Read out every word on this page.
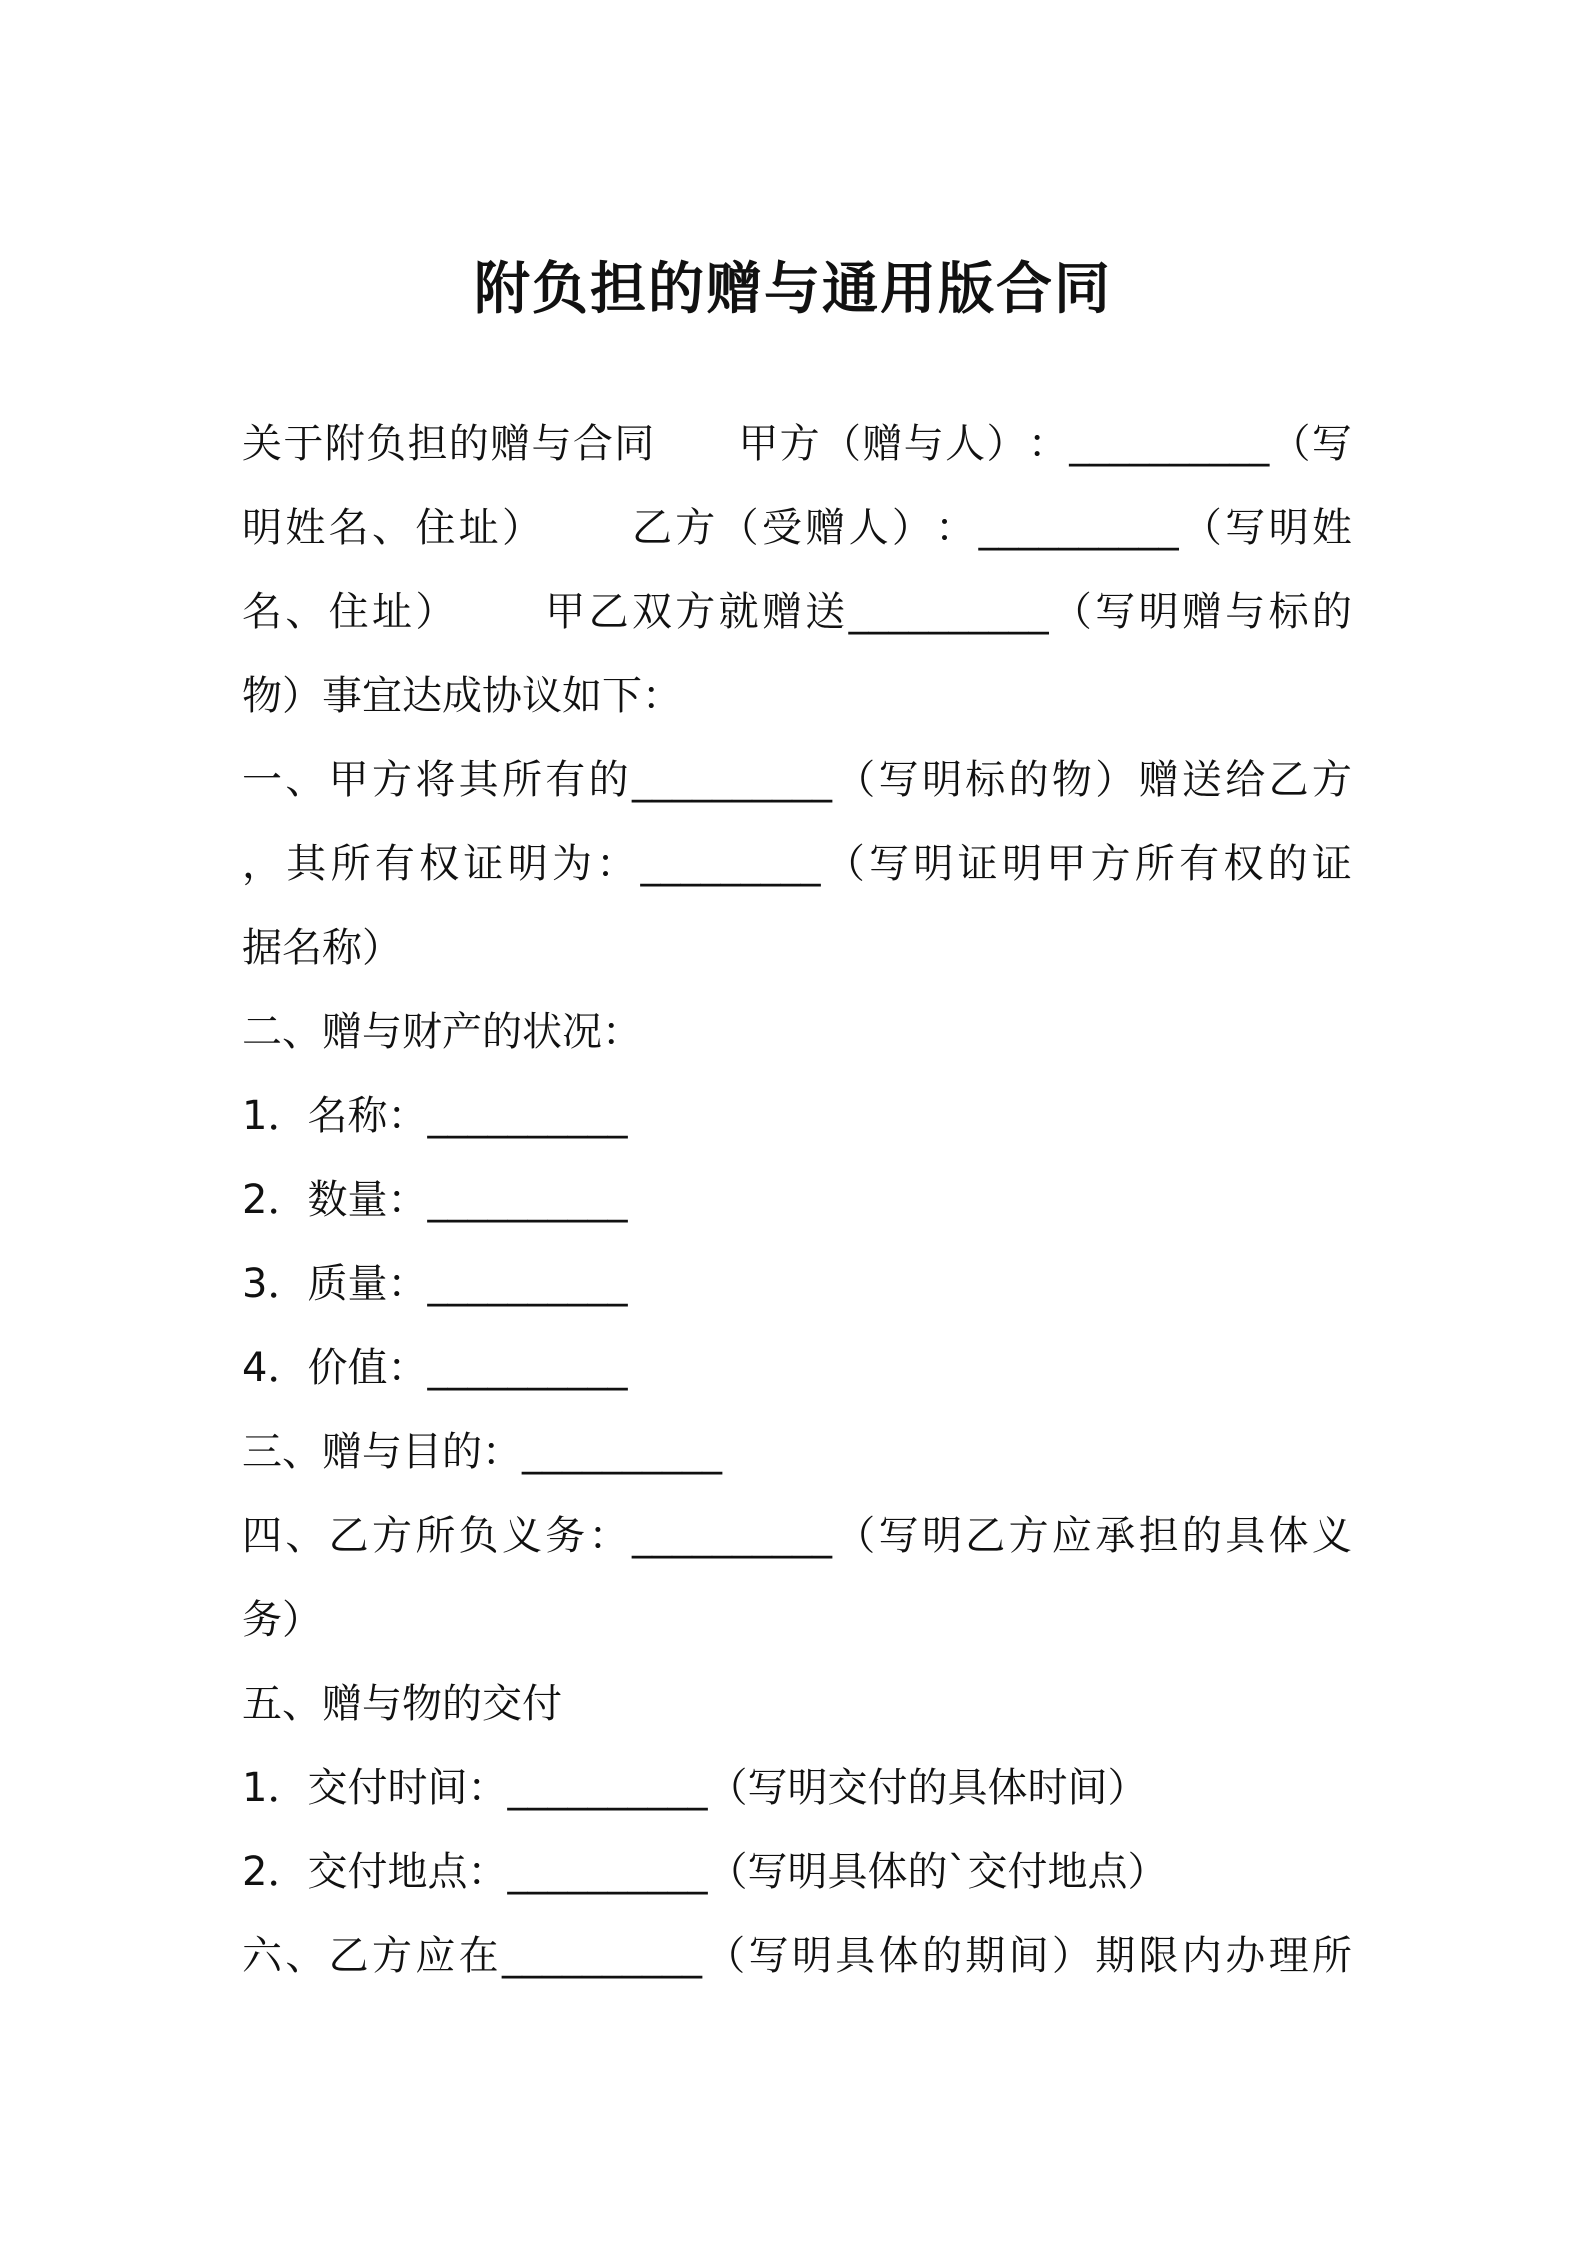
附负担的赠与通用版合同
关 于 附 负 担 的 赠 与 合 同

　 甲 方 （ 赠 与 人 ） ： __________ （ 写
明 姓 名 、 住 址 ）

　 乙 方 （ 受 赠 人 ） ： __________ （ 写 明 姓
名 、 住 址 ）

　 甲 乙 双 方 就 赠 送 __________ （ 写 明 赠 与 标 的
物）事宜达成协议如下：
一 、 甲 方 将 其 所 有 的 __________ （ 写 明 标 的 物 ） 赠 送 给 乙 方
， 其 所 有 权 证 明 为 ： _________ （ 写 明 证 明 甲 方 所 有 权 的 证
据名称）
二、赠与财产的状况：
1．名称：__________
2．数量：__________
3．质量：__________
4．价值：__________
三、赠与目的：__________
四 、 乙 方 所 负 义 务 ： __________ （ 写 明 乙 方 应 承 担 的 具 体 义
务）
五、赠与物的交付
1．交付时间：__________（写明交付的具体时间）
2．交付地点：__________（写明具体的`交付地点）
六 、 乙 方 应 在 __________ （ 写 明 具 体 的 期 间 ） 期 限 内 办 理 所
